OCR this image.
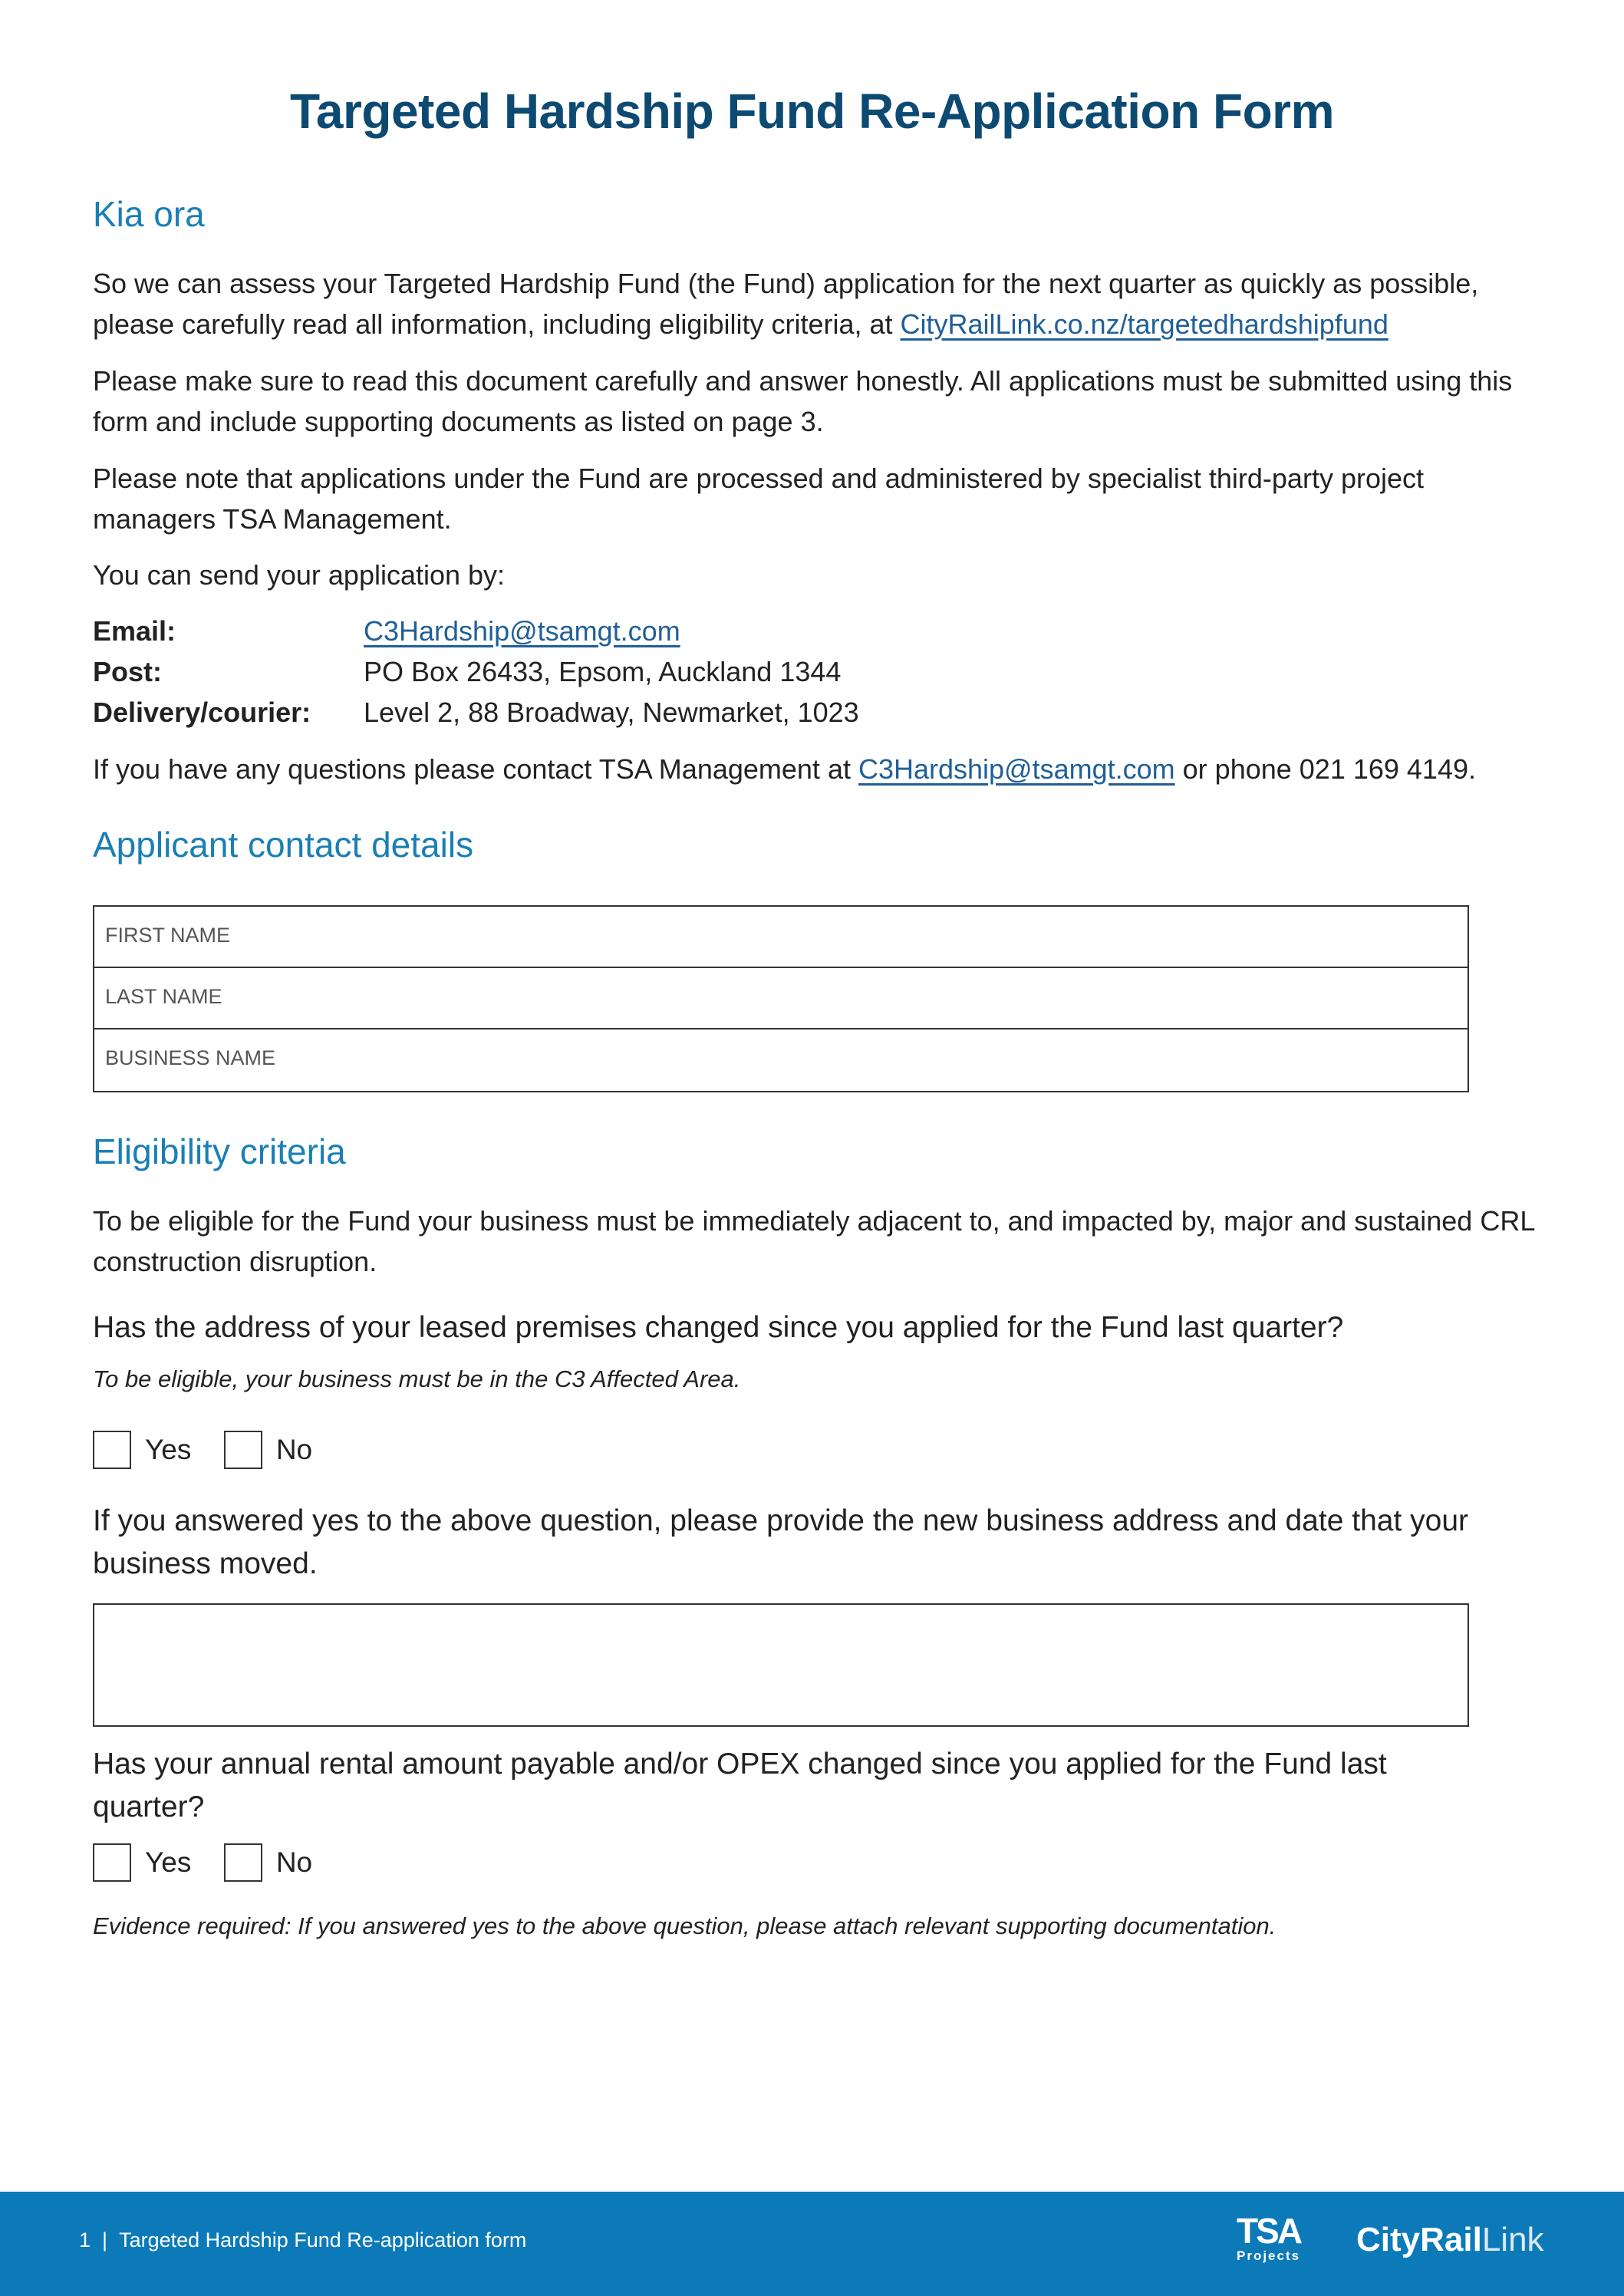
Targeted Hardship Fund Re-Application Form
Kia ora
So we can assess your Targeted Hardship Fund (the Fund) application for the next quarter as quickly as possible, please carefully read all information, including eligibility criteria, at CityRailLink.co.nz/targetedhardshipfund
Please make sure to read this document carefully and answer honestly. All applications must be submitted using this form and include supporting documents as listed on page 3.
Please note that applications under the Fund are processed and administered by specialist third-party project managers TSA Management.
You can send your application by:
Email:	C3Hardship@tsamgt.com
Post:	PO Box 26433, Epsom, Auckland 1344
Delivery/courier: Level 2, 88 Broadway, Newmarket, 1023
If you have any questions please contact TSA Management at C3Hardship@tsamgt.com or phone 021 169 4149.
Applicant contact details
FIRST NAME
LAST NAME
BUSINESS NAME
Eligibility criteria
To be eligible for the Fund your business must be immediately adjacent to, and impacted by, major and sustained CRL construction disruption.
Has the address of your leased premises changed since you applied for the Fund last quarter?
To be eligible, your business must be in the C3 Affected Area.
Yes
	No
If you answered yes to the above question, please provide the new business address and date that your business moved.
Has your annual rental amount payable and/or OPEX changed since you applied for the Fund last quarter?
Yes
	No
Evidence required: If you answered yes to the above question, please attach relevant supporting documentation.
1 | Targeted Hardship Fund Re-application form	TSA
Projects CityRailLink
